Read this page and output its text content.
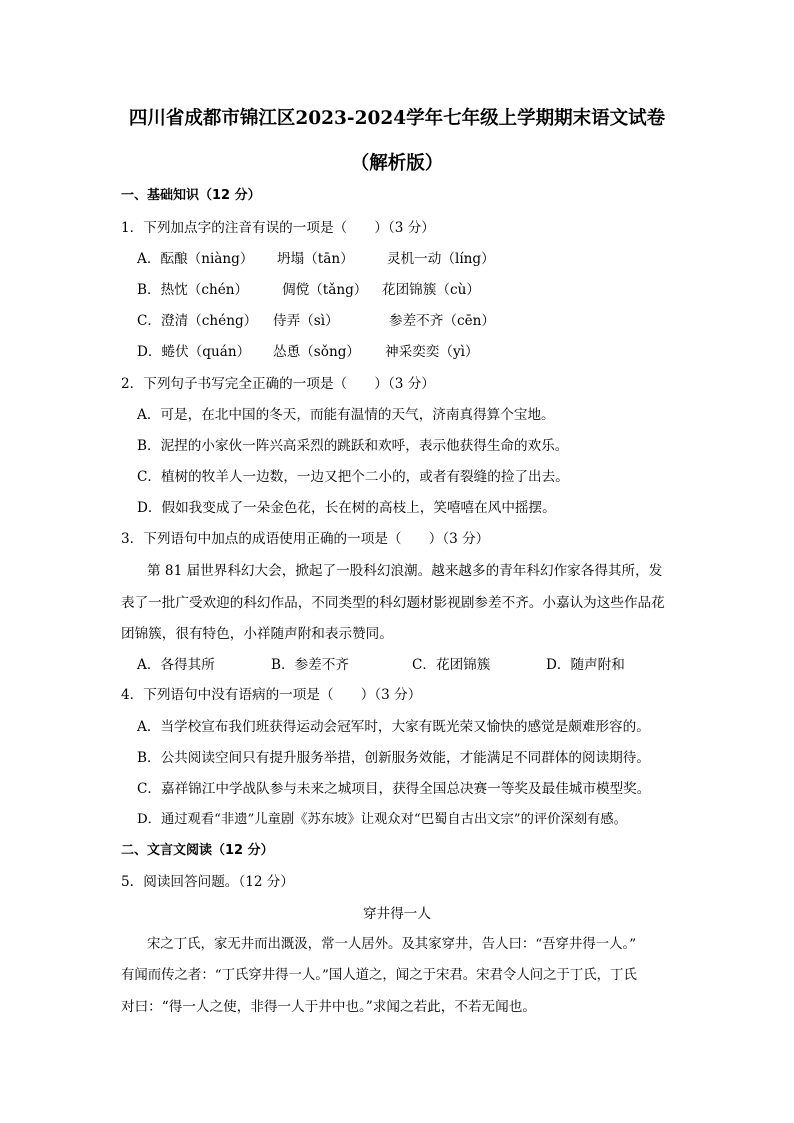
四川省成都市锦江区2023-2024学年七年级上学期期末语文试卷
（解析版）
一、基础知识（12 分）
1．下列加点字的注音有误的一项是（　　）（3 分）
A．酝酿（niàng） 坍塌（tān） 灵机一动（líng）
B．热忱（chén） 倜傥（tǎng） 花团锦簇（cù）
C．澄清（chéng） 侍弄（sì）	参差不齐（cēn）
D．蜷伏（quán） 怂恿（sǒng） 神采奕奕（yì）
2．下列句子书写完全正确的一项是（　　）（3 分）
A．可是，在北中国的冬天，而能有温情的天气，济南真得算个宝地。
B．泥捏的小家伙一阵兴高采烈的跳跃和欢呼，表示他获得生命的欢乐。
C．植树的牧羊人一边数，一边又把个二小的，或者有裂缝的捡了出去。
D．假如我变成了一朵金色花，长在树的高枝上，笑嘻嘻在风中摇摆。
3．下列语句中加点的成语使用正确的一项是（　　）（3 分）
第 81 届世界科幻大会，掀起了一股科幻浪潮。越来越多的青年科幻作家各得其所，发
表了一批广受欢迎的科幻作品，不同类型的科幻题材影视剧参差不齐。小嘉认为这些作品花
团锦簇，很有特色，小祥随声附和表示赞同。
A．各得其所	B．参差不齐	C．花团锦簇	D．随声附和
4．下列语句中没有语病的一项是（　　）（3 分）
A．当学校宣布我们班获得运动会冠军时，大家有既光荣又愉快的感觉是颇难形容的。
B．公共阅读空间只有提升服务举措，创新服务效能，才能满足不同群体的阅读期待。
C．嘉祥锦江中学战队参与未来之城项目，获得全国总决赛一等奖及最佳城市模型奖。
D．通过观看“非遗”儿童剧《苏东坡》让观众对“巴蜀自古出文宗”的评价深刻有感。
二、文言文阅读（12 分）
5．阅读回答问题。（12 分）
穿井得一人
宋之丁氏，家无井而出溉汲，常一人居外。及其家穿井，告人曰：“吾穿井得一人。”
有闻而传之者：“丁氏穿井得一人。”国人道之，闻之于宋君。宋君令人问之于丁氏，丁氏
对曰：“得一人之使，非得一人于井中也。”求闻之若此，不若无闻也。
